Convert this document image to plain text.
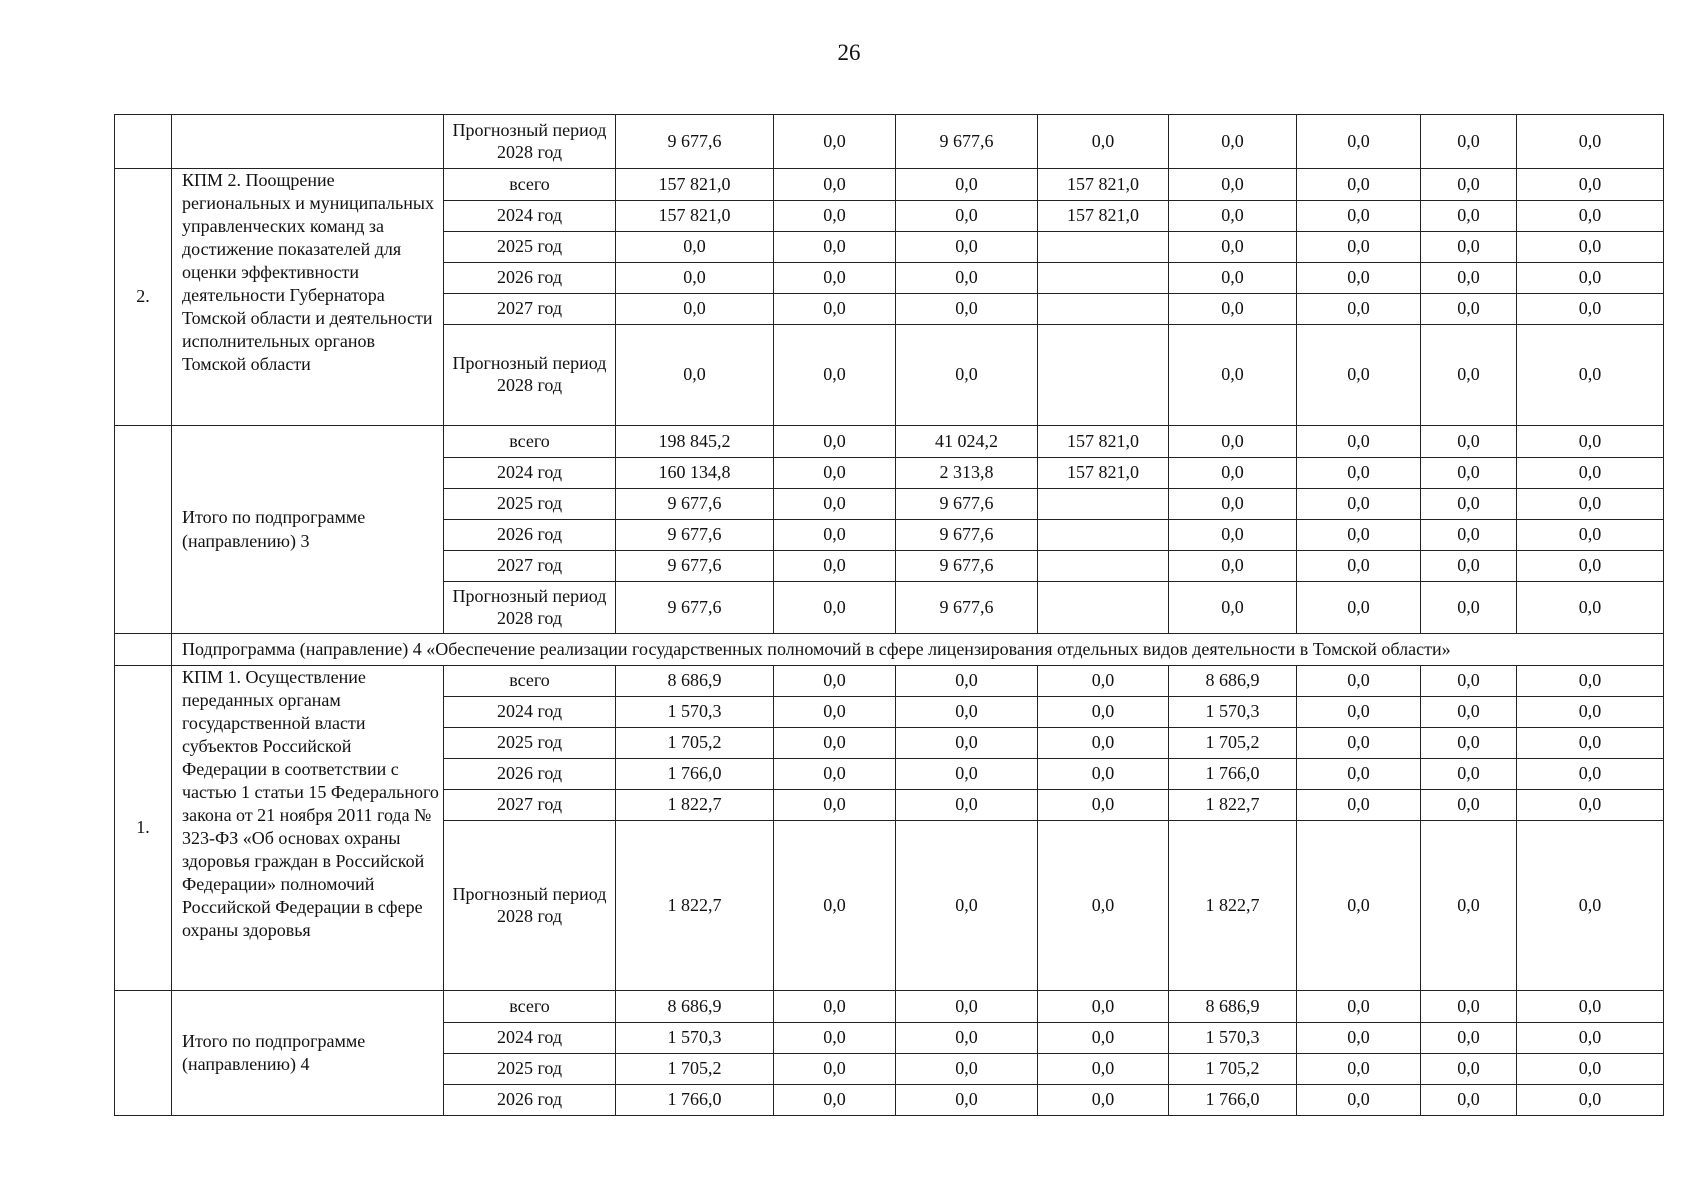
26
		Прогнозный период 2028 год	9 677,6	0,0	9 677,6	0,0	0,0	0,0	0,0	0,0
2.	КПМ 2. Поощрение региональных и муниципальных управленческих команд за достижение показателей для оценки эффективности деятельности Губернатора Томской области и деятельности исполнительных органов Томской области	всего	157 821,0	0,0	0,0	157 821,0	0,0	0,0	0,0	0,0
		2024 год	157 821,0	0,0	0,0	157 821,0	0,0	0,0	0,0	0,0
		2025 год	0,0	0,0	0,0		0,0	0,0	0,0	0,0
		2026 год	0,0	0,0	0,0		0,0	0,0	0,0	0,0
		2027 год	0,0	0,0	0,0		0,0	0,0	0,0	0,0
		Прогнозный период 2028 год	0,0	0,0	0,0		0,0	0,0	0,0	0,0
	Итого по подпрограмме (направлению) 3	всего	198 845,2	0,0	41 024,2	157 821,0	0,0	0,0	0,0	0,0
		2024 год	160 134,8	0,0	2 313,8	157 821,0	0,0	0,0	0,0	0,0
		2025 год	9 677,6	0,0	9 677,6		0,0	0,0	0,0	0,0
		2026 год	9 677,6	0,0	9 677,6		0,0	0,0	0,0	0,0
		2027 год	9 677,6	0,0	9 677,6		0,0	0,0	0,0	0,0
		Прогнозный период 2028 год	9 677,6	0,0	9 677,6		0,0	0,0	0,0	0,0
	Подпрограмма (направление) 4 «Обеспечение реализации государственных полномочий в сфере лицензирования отдельных видов деятельности в Томской области»									
1.	КПМ 1. Осуществление переданных органам государственной власти субъектов Российской Федерации в соответствии с частью 1 статьи 15 Федерального закона от 21 ноября 2011 года № 323-ФЗ «Об основах охраны здоровья граждан в Российской Федерации» полномочий Российской Федерации в сфере охраны здоровья	всего	8 686,9	0,0	0,0	0,0	8 686,9	0,0	0,0	0,0
		2024 год	1 570,3	0,0	0,0	0,0	1 570,3	0,0	0,0	0,0
		2025 год	1 705,2	0,0	0,0	0,0	1 705,2	0,0	0,0	0,0
		2026 год	1 766,0	0,0	0,0	0,0	1 766,0	0,0	0,0	0,0
		2027 год	1 822,7	0,0	0,0	0,0	1 822,7	0,0	0,0	0,0
		Прогнозный период 2028 год	1 822,7	0,0	0,0	0,0	1 822,7	0,0	0,0	0,0
	Итого по подпрограмме (направлению) 4	всего	8 686,9	0,0	0,0	0,0	8 686,9	0,0	0,0	0,0
		2024 год	1 570,3	0,0	0,0	0,0	1 570,3	0,0	0,0	0,0
		2025 год	1 705,2	0,0	0,0	0,0	1 705,2	0,0	0,0	0,0
		2026 год	1 766,0	0,0	0,0	0,0	1 766,0	0,0	0,0	0,0
